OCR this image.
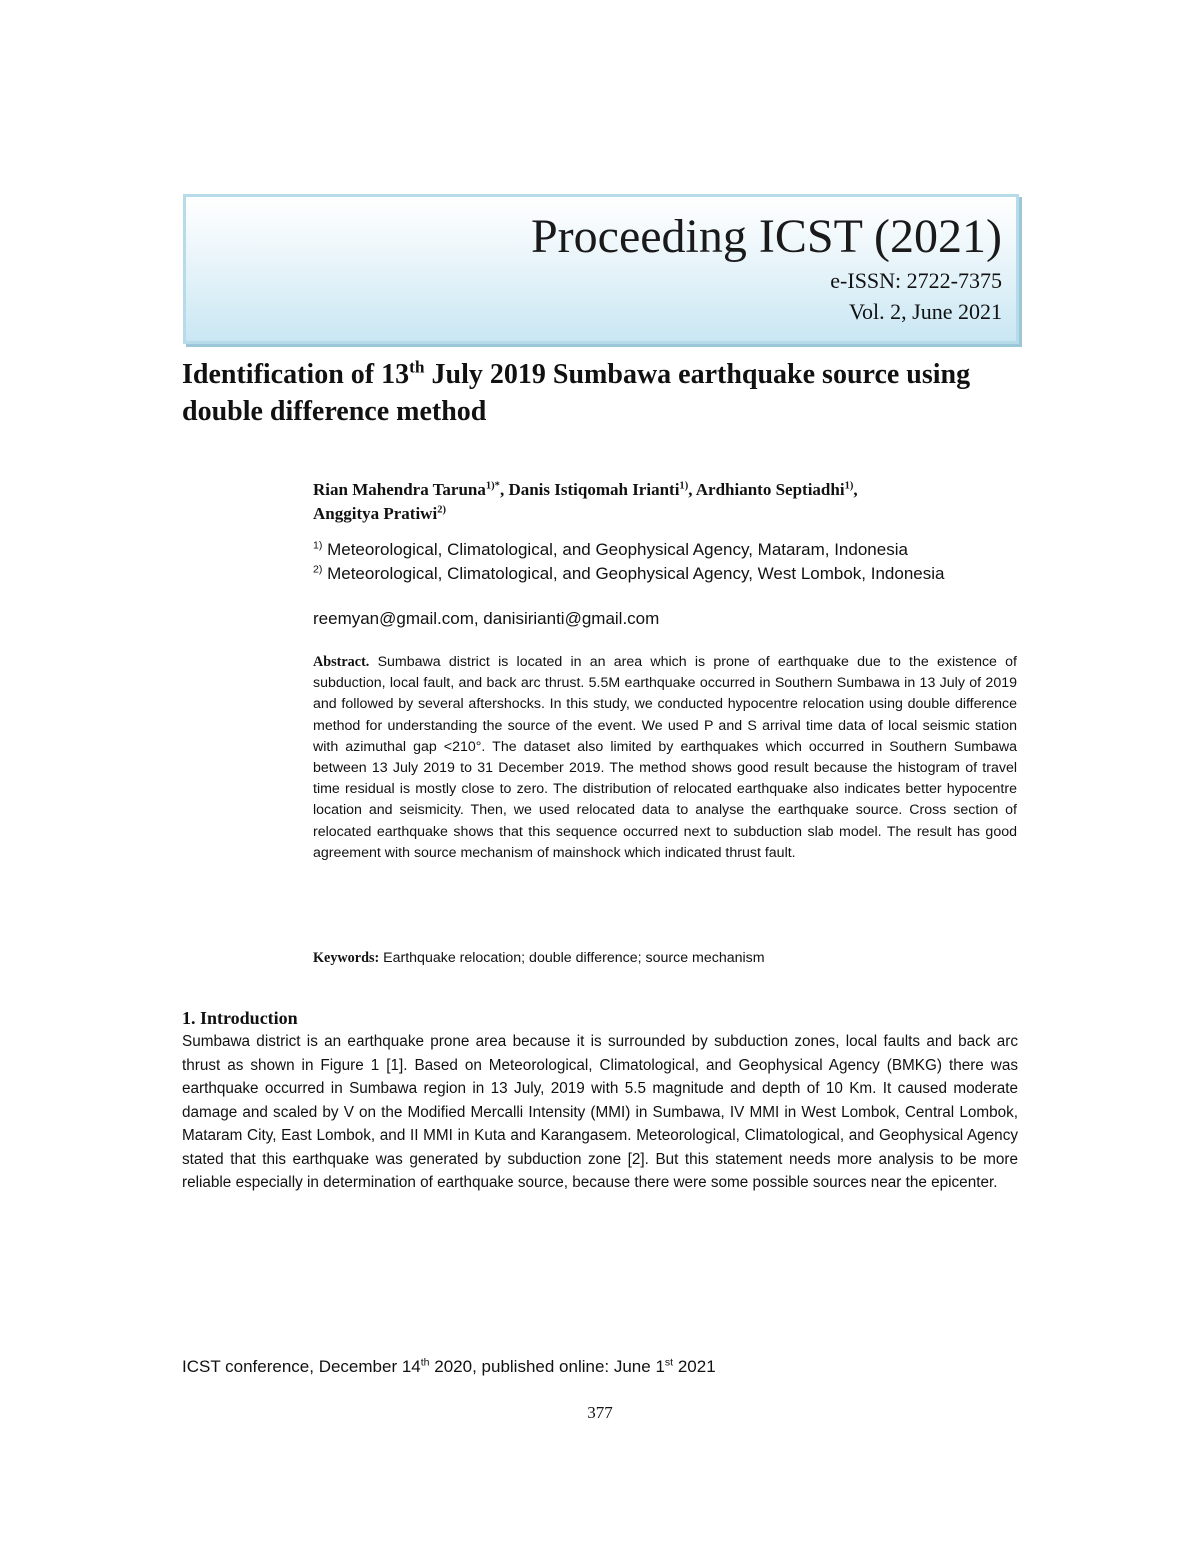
Proceeding ICST (2021)
e-ISSN: 2722-7375
Vol. 2, June 2021
Identification of 13th July 2019 Sumbawa earthquake source using double difference method
Rian Mahendra Taruna$^{1)*}$, Danis Istiqomah Irianti$^{1)}$, Ardhianto Septiadhi$^{1)}$,
Anggitya Pratiwi$^{2)}$
$^{1)}$ Meteorological, Climatological, and Geophysical Agency, Mataram, Indonesia
$^{2)}$ Meteorological, Climatological, and Geophysical Agency, West Lombok, Indonesia
reemyan@gmail.com, danisirianti@gmail.com

Abstract. Sumbawa district is located in an area which is prone of earthquake due to the existence of subduction, local fault, and back arc thrust. 5.5M earthquake occurred in Southern Sumbawa in 13 July of 2019 and followed by several aftershocks. In this study, we conducted hypocentre relocation using double difference method for understanding the source of the event. We used P and S arrival time data of local seismic station with azimuthal gap <210°. The dataset also limited by earthquakes which occurred in Southern Sumbawa between 13 July 2019 to 31 December 2019. The method shows good result because the histogram of travel time residual is mostly close to zero. The distribution of relocated earthquake also indicates better hypocentre location and seismicity. Then, we used relocated data to analyse the earthquake source. Cross section of relocated earthquake shows that this sequence occurred next to subduction slab model. The result has good agreement with source mechanism of mainshock which indicated thrust fault.

Keywords: Earthquake relocation; double difference; source mechanism
1. Introduction

Sumbawa district is an earthquake prone area because it is surrounded by subduction zones, local faults and back arc thrust as shown in Figure 1 [1]. Based on Meteorological, Climatological, and Geophysical Agency (BMKG) there was earthquake occurred in Sumbawa region in 13 July, 2019 with 5.5 magnitude and depth of 10 Km. It caused moderate damage and scaled by V on the Modified Mercalli Intensity (MMI) in Sumbawa, IV MMI in West Lombok, Central Lombok, Mataram City, East Lombok, and II MMI in Kuta and Karangasem. Meteorological, Climatological, and Geophysical Agency stated that this earthquake was generated by subduction zone [2]. But this statement needs more analysis to be more reliable especially in determination of earthquake source, because there were some possible sources near the epicenter.

ICST conference, December 14th 2020, published online: June 1st 2021
377
